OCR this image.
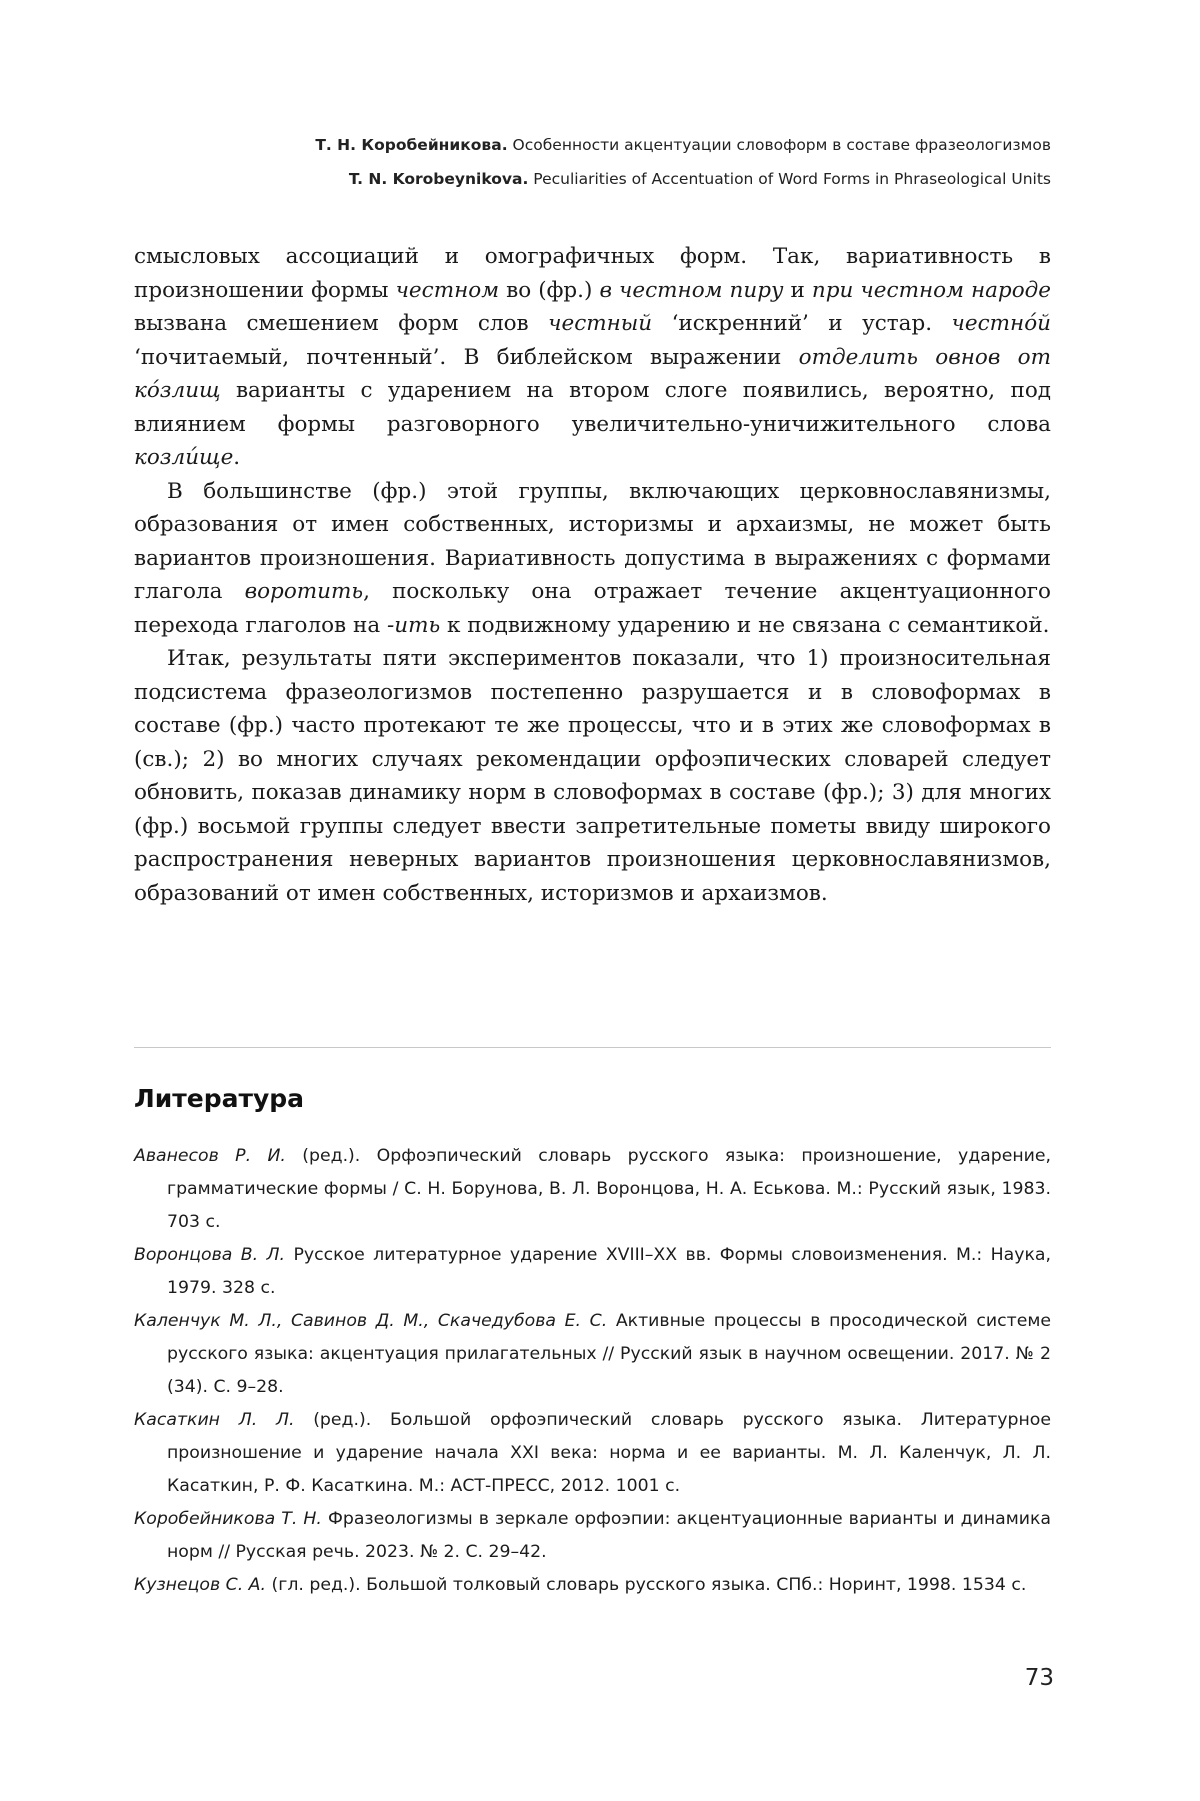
Т. Н. Коробейникова. Особенности акцентуации словоформ в составе фразеологизмов
T. N. Korobeynikova. Peculiarities of Accentuation of Word Forms in Phraseological Units

смысловых ассоциаций и омографичных форм. Так, вариативность в произношении формы честном во (фр.) в честном пиру и при честном народе вызвана смешением форм слов честный ‘искренний’ и устар. честно́й ‘почитаемый, почтенный’. В библейском выражении отделить овнов от ко́злищ варианты с ударением на втором слоге появились, вероятно, под влиянием формы разговорного увеличительно-уничижительного слова козли́ще.

В большинстве (фр.) этой группы, включающих церковнославянизмы, образования от имен собственных, историзмы и архаизмы, не может быть вариантов произношения. Вариативность допустима в выражениях с формами глагола воротить, поскольку она отражает течение акцентуационного перехода глаголов на -ить к подвижному ударению и не связана с семантикой.

Итак, результаты пяти экспериментов показали, что 1) произносительная подсистема фразеологизмов постепенно разрушается и в словоформах в составе (фр.) часто протекают те же процессы, что и в этих же словоформах в (св.); 2) во многих случаях рекомендации орфоэпических словарей следует обновить, показав динамику норм в словоформах в составе (фр.); 3) для многих (фр.) восьмой группы следует ввести запретительные пометы ввиду широкого распространения неверных вариантов произношения церковнославянизмов, образований от имен собственных, историзмов и архаизмов.

Литература
Аванесов Р. И. (ред.). Орфоэпический словарь русского языка: произношение, ударение, грамматические формы / С. Н. Борунова, В. Л. Воронцова, Н. А. Еськова. М.: Русский язык, 1983. 703 с.
Воронцова В. Л. Русское литературное ударение XVIII–XX вв. Формы словоизменения. М.: Наука, 1979. 328 с.
Каленчук М. Л., Савинов Д. М., Скачедубова Е. С. Активные процессы в просодической системе русского языка: акцентуация прилагательных // Русский язык в научном освещении. 2017. № 2 (34). С. 9–28.
Касаткин Л. Л. (ред.). Большой орфоэпический словарь русского языка. Литературное произношение и ударение начала XXI века: норма и ее варианты. М. Л. Каленчук, Л. Л. Касаткин, Р. Ф. Касаткина. М.: АСТ-ПРЕСС, 2012. 1001 с.
Коробейникова Т. Н. Фразеологизмы в зеркале орфоэпии: акцентуационные варианты и динамика норм // Русская речь. 2023. № 2. С. 29–42.
Кузнецов С. А. (гл. ред.). Большой толковый словарь русского языка. СПб.: Норинт, 1998. 1534 с.
73
